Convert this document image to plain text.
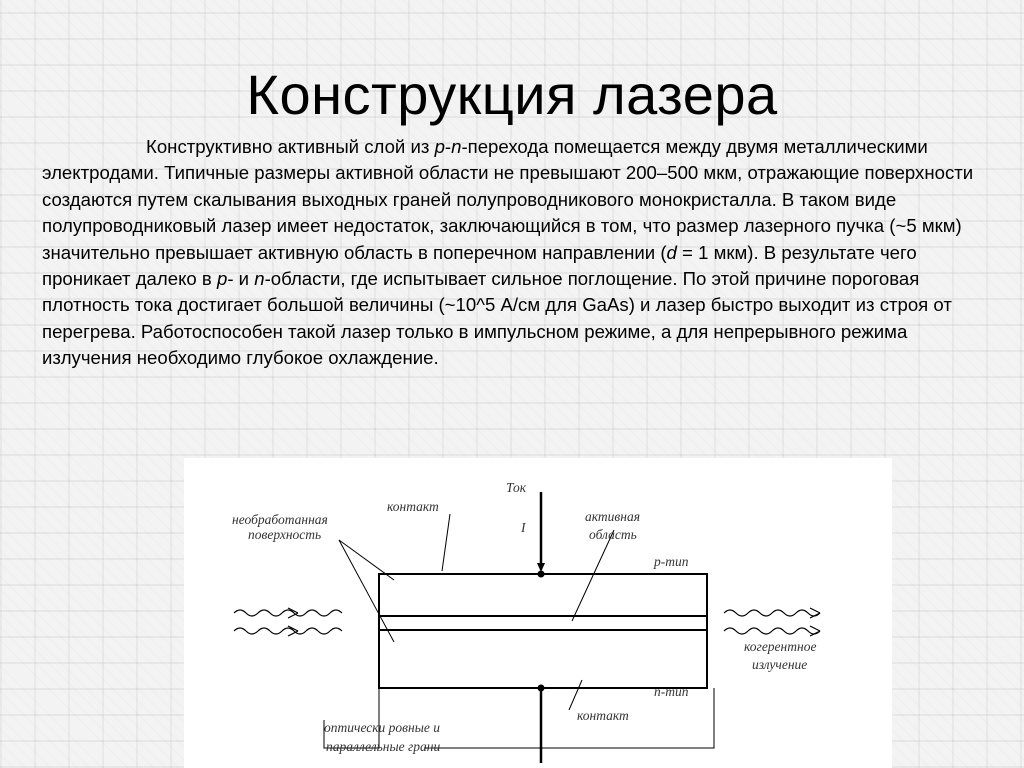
Конструкция лазера

Конструктивно активный слой из p-n-перехода помещается между двумя металлическими электродами. Типичные размеры активной области не превышают 200–500 мкм, отражающие поверхности создаются путем скалывания выходных граней полупроводникового монокристалла. В таком виде полупроводниковый лазер имеет недостаток, заключающийся в том, что размер лазерного пучка (~5 мкм) значительно превышает активную область в поперечном направлении (d = 1 мкм). В результате чего проникает далеко в p- и n-области, где испытывает сильное поглощение. По этой причине пороговая плотность тока достигает большой величины (~10^5 А/см для GaAs) и лазер быстро выходит из строя от перегрева. Работоспособен такой лазер только в импульсном режиме, а для непрерывного режима излучения необходимо глубокое охлаждение.

Ток
I
контакт
необработанная
поверхность
активная
область
p-тип
n-тип
когерентное
излучение
контакт
оптически ровные и
параллельные грани
